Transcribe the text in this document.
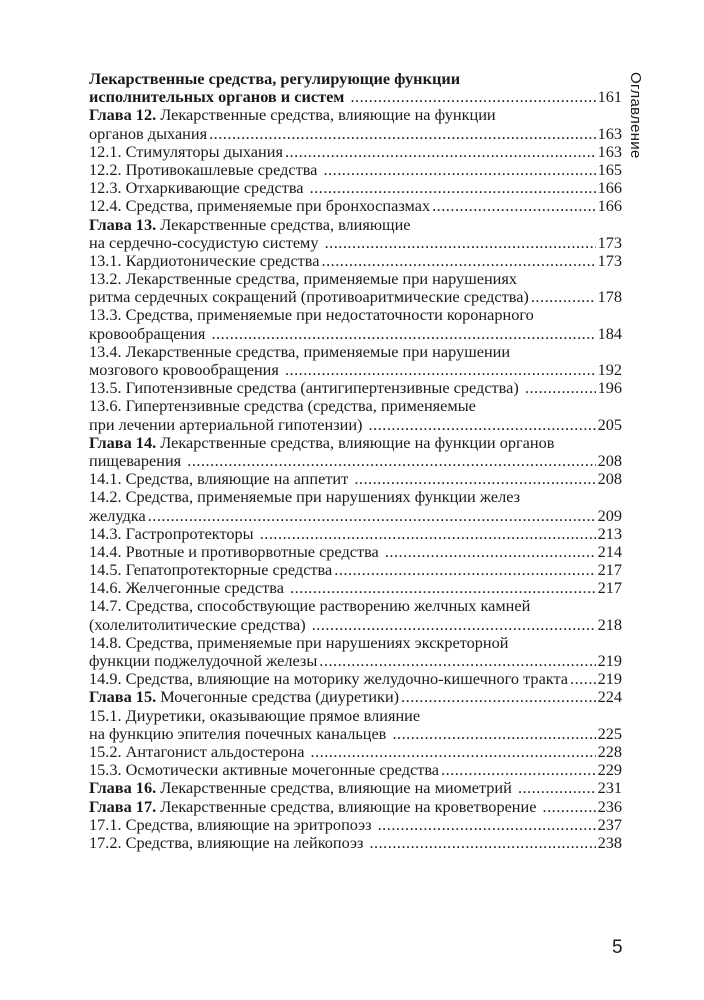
Лекарственные средства, регулирующие функции
исполнительных органов и систем .....	161
Глава 12. Лекарственные средства, влияющие на функции
органов дыхания .....	163
12.1. Стимуляторы дыхания .....	163
12.2. Противокашлевые средства .....	165
12.3. Отхаркивающие средства .....	166
12.4. Средства, применяемые при бронхоспазмах .....	166
Глава 13. Лекарственные средства, влияющие
на сердечно-сосудистую систему .....	173
13.1. Кардиотонические средства .....	173
13.2. Лекарственные средства, применяемые при нарушениях
ритма сердечных сокращений (противоаритмические средства) .....	178
13.3. Средства, применяемые при недостаточности коронарного
кровообращения .....	184
13.4. Лекарственные средства, применяемые при нарушении
мозгового кровообращения .....	192
13.5. Гипотензивные средства (антигипертензивные средства) .....	196
13.6. Гипертензивные средства (средства, применяемые
при лечении артериальной гипотензии) .....	205
Глава 14. Лекарственные средства, влияющие на функции органов
пищеварения .....	208
14.1. Средства, влияющие на аппетит .....	208
14.2. Средства, применяемые при нарушениях функции желез
желудка .....	209
14.3. Гастропротекторы .....	213
14.4. Рвотные и противорвотные средства .....	214
14.5. Гепатопротекторные средства .....	217
14.6. Желчегонные средства .....	217
14.7. Средства, способствующие растворению желчных камней
(холелитолитические средства) .....	218
14.8. Средства, применяемые при нарушениях экскреторной
функции поджелудочной железы .....	219
14.9. Средства, влияющие на моторику желудочно-кишечного тракта ..... 219
Глава 15. Мочегонные средства (диуретики) .....	224
15.1. Диуретики, оказывающие прямое влияние
на функцию эпителия почечных канальцев .....	225
15.2. Антагонист альдостерона .....	228
15.3. Осмотически активные мочегонные средства .....	229
Глава 16. Лекарственные средства, влияющие на миометрий .....	231
Глава 17. Лекарственные средства, влияющие на кроветворение .....	236
17.1. Средства, влияющие на эритропоэз .....	237
17.2. Средства, влияющие на лейкопоэз .....	238
Оглавление
5
